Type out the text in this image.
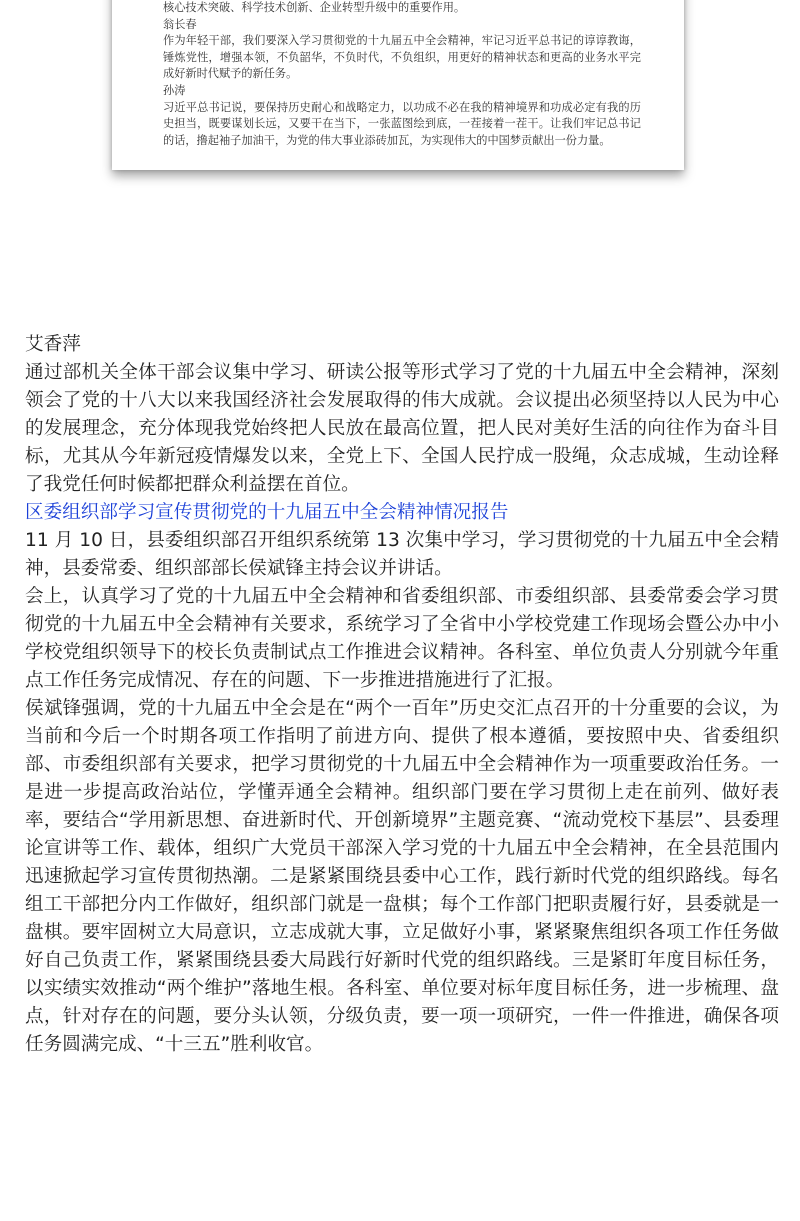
核心技术突破、科学技术创新、企业转型升级中的重要作用。

翁长春

作为年轻干部，我们要深入学习贯彻党的十九届五中全会精神，牢记习近平总书记的谆谆教诲，锤炼党性，增强本领，不负韶华，不负时代，不负组织，用更好的精神状态和更高的业务水平完成好新时代赋予的新任务。

孙涛

习近平总书记说，要保持历史耐心和战略定力，以功成不必在我的精神境界和功成必定有我的历史担当，既要谋划长远，又要干在当下，一张蓝图绘到底，一茬接着一茬干。让我们牢记总书记的话，撸起袖子加油干，为党的伟大事业添砖加瓦，为实现伟大的中国梦贡献出一份力量。

艾香萍

通过部机关全体干部会议集中学习、研读公报等形式学习了党的十九届五中全会精神，深刻领会了党的十八大以来我国经济社会发展取得的伟大成就。会议提出必须坚持以人民为中心的发展理念，充分体现我党始终把人民放在最高位置，把人民对美好生活的向往作为奋斗目标，尤其从今年新冠疫情爆发以来，全党上下、全国人民拧成一股绳，众志成城，生动诠释了我党任何时候都把群众利益摆在首位。

区委组织部学习宣传贯彻党的十九届五中全会精神情况报告

11 月 10 日，县委组织部召开组织系统第 13 次集中学习，学习贯彻党的十九届五中全会精神，县委常委、组织部部长侯斌锋主持会议并讲话。

会上，认真学习了党的十九届五中全会精神和省委组织部、市委组织部、县委常委会学习贯彻党的十九届五中全会精神有关要求，系统学习了全省中小学校党建工作现场会暨公办中小学校党组织领导下的校长负责制试点工作推进会议精神。各科室、单位负责人分别就今年重点工作任务完成情况、存在的问题、下一步推进措施进行了汇报。

侯斌锋强调，党的十九届五中全会是在“两个一百年”历史交汇点召开的十分重要的会议，为当前和今后一个时期各项工作指明了前进方向、提供了根本遵循，要按照中央、省委组织部、市委组织部有关要求，把学习贯彻党的十九届五中全会精神作为一项重要政治任务。一是进一步提高政治站位，学懂弄通全会精神。组织部门要在学习贯彻上走在前列、做好表率，要结合“学用新思想、奋进新时代、开创新境界”主题竞赛、“流动党校下基层”、县委理论宣讲等工作、载体，组织广大党员干部深入学习党的十九届五中全会精神，在全县范围内迅速掀起学习宣传贯彻热潮。二是紧紧围绕县委中心工作，践行新时代党的组织路线。每名组工干部把分内工作做好，组织部门就是一盘棋；每个工作部门把职责履行好，县委就是一盘棋。要牢固树立大局意识，立志成就大事，立足做好小事，紧紧聚焦组织各项工作任务做好自己负责工作，紧紧围绕县委大局践行好新时代党的组织路线。三是紧盯年度目标任务，以实绩实效推动“两个维护”落地生根。各科室、单位要对标年度目标任务，进一步梳理、盘点，针对存在的问题，要分头认领，分级负责，要一项一项研究，一件一件推进，确保各项任务圆满完成、“十三五”胜利收官。
